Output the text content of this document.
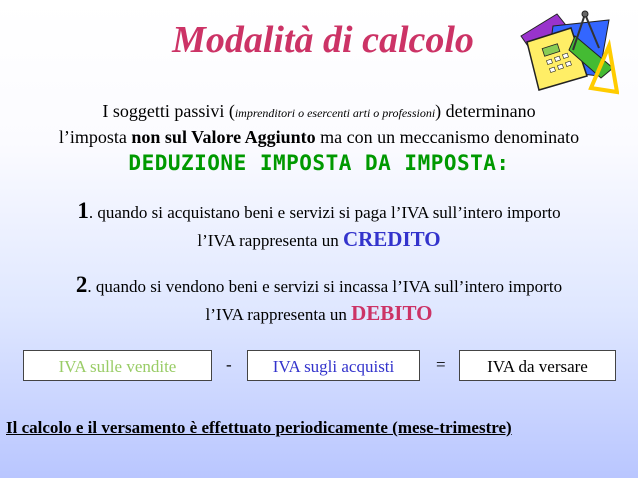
Modalità di calcolo
I soggetti passivi (imprenditori o esercenti arti o professioni) determinano
l’imposta non sul Valore Aggiunto ma con un meccanismo denominato
DEDUZIONE IMPOSTA DA IMPOSTA:
1. quando si acquistano beni e servizi si paga l’IVA sull’intero importo
l’IVA rappresenta un CREDITO
2. quando si vendono beni e servizi si incassa l’IVA sull’intero importo
l’IVA rappresenta un DEBITO
IVA sulle vendite	-	IVA sugli acquisti	=	IVA da versare
Il calcolo e il versamento è effettuato periodicamente (mese-trimestre)
